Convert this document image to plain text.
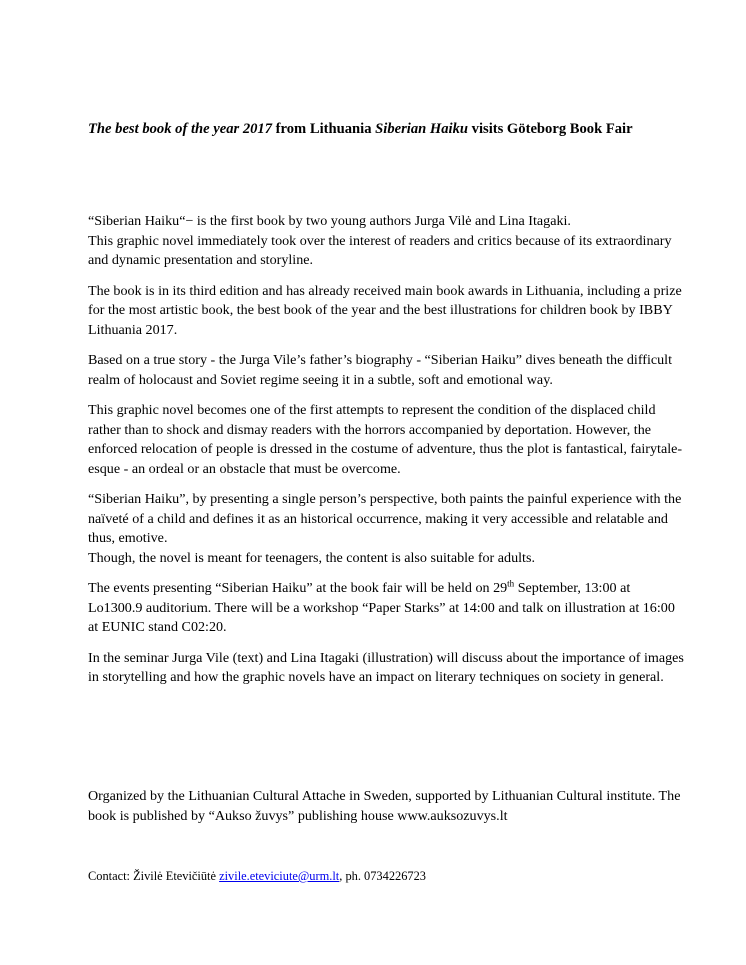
The best book of the year 2017 from Lithuania Siberian Haiku visits Göteborg Book Fair

“Siberian Haiku“− is the first book by two young authors Jurga Vilė and Lina Itagaki.
This graphic novel immediately took over the interest of readers and critics because of its extraordinary and dynamic presentation and storyline.

The book is in its third edition and has already received main book awards in Lithuania, including a prize for the most artistic book, the best book of the year and the best illustrations for children book by IBBY Lithuania 2017.

Based on a true story - the Jurga Vile’s father’s biography - “Siberian Haiku” dives beneath the difficult realm of holocaust and Soviet regime seeing it in a subtle, soft and emotional way.

This graphic novel becomes one of the first attempts to represent the condition of the displaced child rather than to shock and dismay readers with the horrors accompanied by deportation. However, the enforced relocation of people is dressed in the costume of adventure, thus the plot is fantastical, fairytale-esque - an ordeal or an obstacle that must be overcome.

“Siberian Haiku”, by presenting a single person’s perspective, both paints the painful experience with the naïveté of a child and defines it as an historical occurrence, making it very accessible and relatable and thus, emotive.
Though, the novel is meant for teenagers, the content is also suitable for adults.

The events presenting “Siberian Haiku” at the book fair will be held on 29th September, 13:00 at Lo1300.9 auditorium. There will be a workshop “Paper Starks” at 14:00 and talk on illustration at 16:00 at EUNIC stand C02:20.

In the seminar Jurga Vile (text) and Lina Itagaki (illustration) will discuss about the importance of images in storytelling and how the graphic novels have an impact on literary techniques on society in general.

Organized by the Lithuanian Cultural Attache in Sweden, supported by Lithuanian Cultural institute. The book is published by “Aukso žuvys” publishing house www.auksozuvys.lt

Contact: Živilė Etevičiūtė zivile.eteviciute@urm.lt, ph. 0734226723
